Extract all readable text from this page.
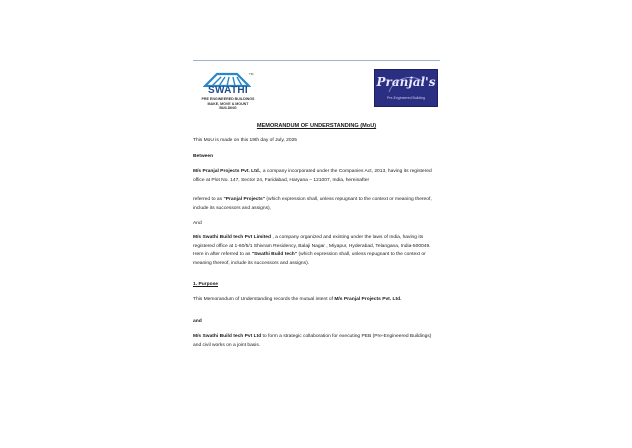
TM
SWATHI
PRE ENGINEERED BUILDINGS
MAKE, MOVE & MOUNT BUILDING
Pranjal's
Pre-Engineered Building
MEMORANDUM OF UNDERSTANDING (MoU)
This MoU is made on this 19th day of July, 2025
Between
M/s Pranjal Projects Pvt. Ltd., a company incorporated under the Companies Act, 2013, having its registered office at Plot No. 147, Sector 24, Faridabad, Haryana – 121007, India, hereinafter
referred to as "Pranjal Projects" (which expression shall, unless repugnant to the context or meaning thereof, include its successors and assigns),
And
M/s Swathi Build tech Pvt Limited , a company organized and existing under the laws of India, having its registered office at 1-60/5/1 Shivram Residency, Balaji Nagar , Miyapur, Hyderabad, Telangana, India-500049. Here in after referred to as "Swathi Build tech" (which expression shall, unless repugnant to the context or meaning thereof, include its successors and assigns).
1. Purpose
This Memorandum of Understanding records the mutual intent of M/s Pranjal Projects Pvt. Ltd.
and
M/s Swathi Build tech Pvt Ltd to form a strategic collaboration for executing PEB (Pre-Engineered Buildings) and civil works on a joint basis.
